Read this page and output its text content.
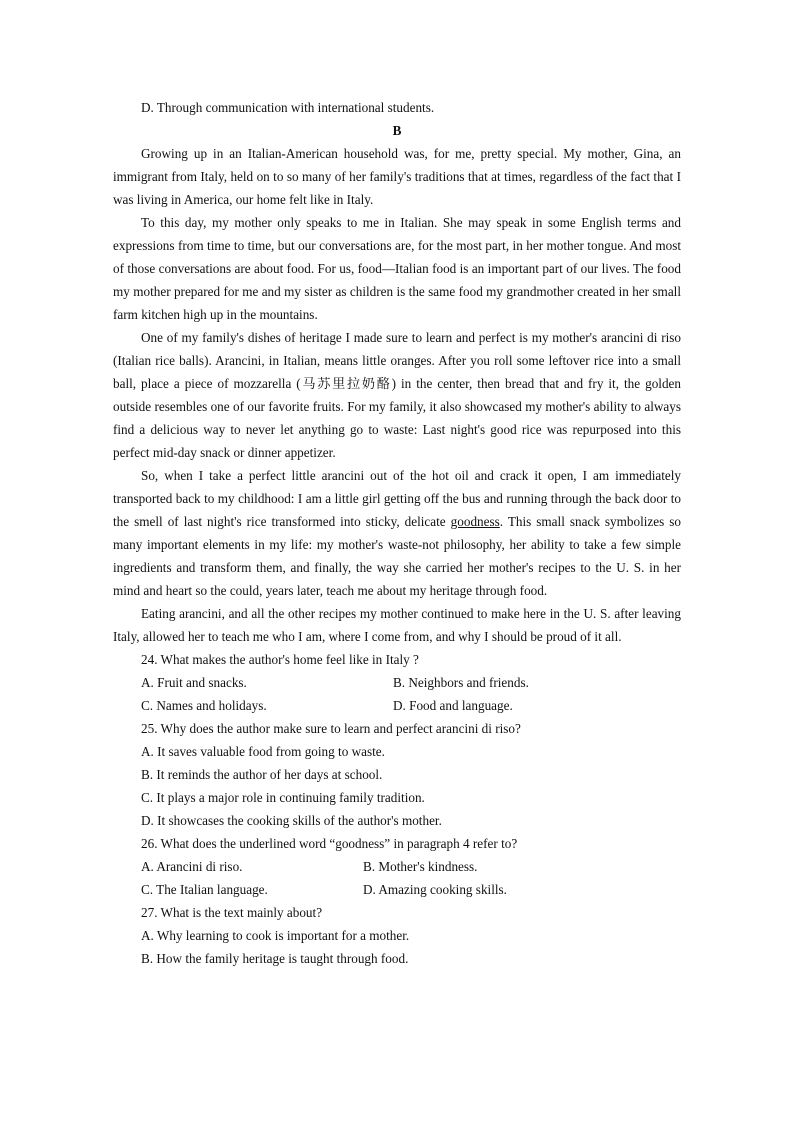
D. Through communication with international students.
B

Growing up in an Italian-American household was, for me, pretty special. My mother, Gina, an immigrant from Italy, held on to so many of her family's traditions that at times, regardless of the fact that I was living in America, our home felt like in Italy.

To this day, my mother only speaks to me in Italian. She may speak in some English terms and expressions from time to time, but our conversations are, for the most part, in her mother tongue. And most of those conversations are about food. For us, food—Italian food is an important part of our lives. The food my mother prepared for me and my sister as children is the same food my grandmother created in her small farm kitchen high up in the mountains.

One of my family's dishes of heritage I made sure to learn and perfect is my mother's arancini di riso (Italian rice balls). Arancini, in Italian, means little oranges. After you roll some leftover rice into a small ball, place a piece of mozzarella (马苏里拉奶酪) in the center, then bread that and fry it, the golden outside resembles one of our favorite fruits. For my family, it also showcased my mother's ability to always find a delicious way to never let anything go to waste: Last night's good rice was repurposed into this perfect mid-day snack or dinner appetizer.

So, when I take a perfect little arancini out of the hot oil and crack it open, I am immediately transported back to my childhood: I am a little girl getting off the bus and running through the back door to the smell of last night's rice transformed into sticky, delicate goodness. This small snack symbolizes so many important elements in my life: my mother's waste-not philosophy, her ability to take a few simple ingredients and transform them, and finally, the way she carried her mother's recipes to the U. S. in her mind and heart so the could, years later, teach me about my heritage through food.

Eating arancini, and all the other recipes my mother continued to make here in the U. S. after leaving Italy, allowed her to teach me who I am, where I come from, and why I should be proud of it all.

24. What makes the author's home feel like in Italy ?
A. Fruit and snacks.	B. Neighbors and friends.
C. Names and holidays.	D. Food and language.
25. Why does the author make sure to learn and perfect arancini di riso?
A. It saves valuable food from going to waste.
B. It reminds the author of her days at school.
C. It plays a major role in continuing family tradition.
D. It showcases the cooking skills of the author's mother.
26. What does the underlined word “goodness” in paragraph 4 refer to?
A. Arancini di riso.	B. Mother's kindness.
C. The Italian language.	D. Amazing cooking skills.
27. What is the text mainly about?
A. Why learning to cook is important for a mother.
B. How the family heritage is taught through food.
